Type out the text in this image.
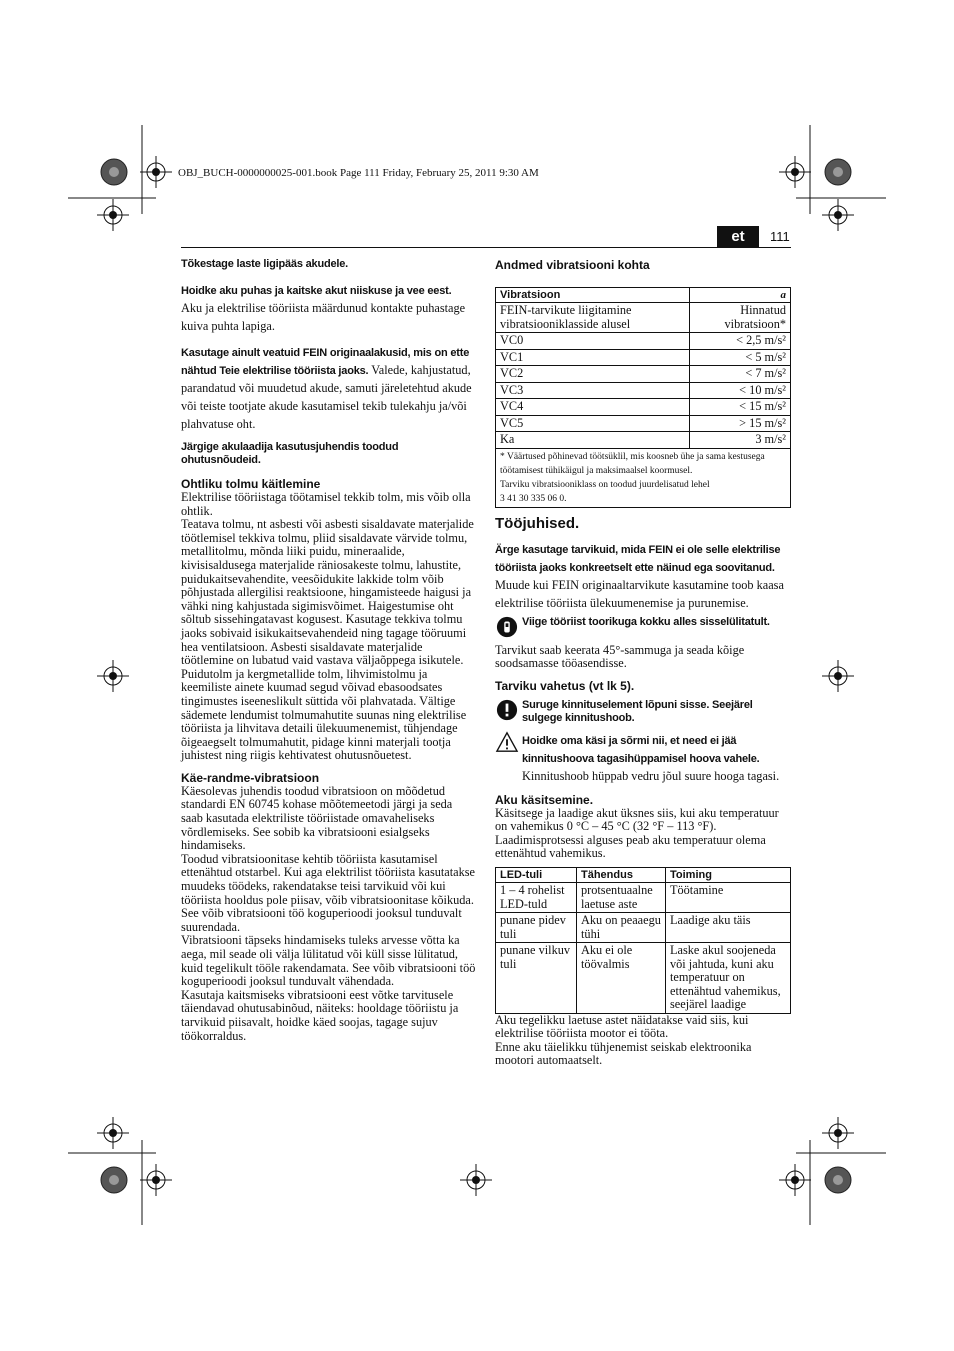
OBJ_BUCH-0000000025-001.book Page 111 Friday, February 25, 2011 9:30 AM
et	111

Tõkestage laste ligipääs akudele.

Hoidke aku puhas ja kaitske akut niiskuse ja vee eest.
Aku ja elektrilise tööriista määrdunud kontakte puhastage kuiva puhta lapiga.

Kasutage ainult veatuid FEIN originaalakusid, mis on ette nähtud Teie elektrilise tööriista jaoks. Valede, kahjustatud, parandatud või muudetud akude, samuti järeletehtud akude või teiste tootjate akude kasutamisel tekib tulekahju ja/või plahvatuse oht.

Järgige akulaadija kasutusjuhendis toodud ohutusnõudeid.

Ohtliku tolmu käitlemine

Elektrilise tööriistaga töötamisel tekkib tolm, mis võib olla ohtlik.

Teatava tolmu, nt asbesti või asbesti sisaldavate materjalide töötlemisel tekkiva tolmu, pliid sisaldavate värvide tolmu, metallitolmu, mõnda liiki puidu, mineraalide, kivisisaldusega materjalide räniosakeste tolmu, lahustite, puidukaitsevahendite, veesõidukite lakkide tolm võib põhjustada allergilisi reaktsioone, hingamisteede haigusi ja vähki ning kahjustada sigimisvõimet. Haigestumise oht sõltub sissehingatavast kogusest. Kasutage tekkiva tolmu jaoks sobivaid isikukaitsevahendeid ning tagage tööruumi hea ventilatsioon. Asbesti sisaldavate materjalide töötlemine on lubatud vaid vastava väljaõppega isikutele.

Puidutolm ja kergmetallide tolm, lihvimistolmu ja keemiliste ainete kuumad segud võivad ebasoodsates tingimustes iseeneslikult süttida või plahvatada. Vältige sädemete lendumist tolmumahutite suunas ning elektrilise tööriista ja lihvitava detaili ülekuumenemist, tühjendage õigeaegselt tolmumahutit, pidage kinni materjali tootja juhistest ning riigis kehtivatest ohutusnõuetest.

Käe-randme-vibratsioon

Käesolevas juhendis toodud vibratsioon on mõõdetud standardi EN 60745 kohase mõõtemeetodi järgi ja seda saab kasutada elektriliste tööriistade omavaheliseks võrdlemiseks. See sobib ka vibratsiooni esialgseks hindamiseks.

Toodud vibratsioonitase kehtib tööriista kasutamisel ettenähtud otstarbel. Kui aga elektrilist tööriista kasutatakse muudeks töödeks, rakendatakse teisi tarvikuid või kui tööriista hooldus pole piisav, võib vibratsioonitase kõikuda. See võib vibratsiooni töö koguperioodi jooksul tunduvalt suurendada.

Vibratsiooni täpseks hindamiseks tuleks arvesse võtta ka aega, mil seade oli välja lülitatud või küll sisse lülitatud, kuid tegelikult tööle rakendamata. See võib vibratsiooni töö koguperioodi jooksul tunduvalt vähendada.

Kasutaja kaitsmiseks vibratsiooni eest võtke tarvitusele täiendavad ohutusabinõud, näiteks: hooldage tööriistu ja tarvikuid piisavalt, hoidke käed soojas, tagage sujuv töökorraldus.

Andmed vibratsiooni kohta

Vibratsioon	a
FEIN-tarvikute liigitamine vibratsiooniklasside alusel	Hinnatud vibratsioon*
VC0	< 2,5 m/s²
VC1	< 5 m/s²
VC2	< 7 m/s²
VC3	< 10 m/s²
VC4	< 15 m/s²
VC5	> 15 m/s²
Ka	3 m/s²
* Väärtused põhinevad töötsüklil, mis koosneb ühe ja sama kestusega töötamisest tühikäigul ja maksimaalsel koormusel.
Tarviku vibratsiooniklass on toodud juurdelisatud lehel
3 41 30 335 06 0.	

Tööjuhised.

Ärge kasutage tarvikuid, mida FEIN ei ole selle elektrilise tööriista jaoks konkreetselt ette näinud ega soovitanud.
Muude kui FEIN originaaltarvikute kasutamine toob kaasa elektrilise tööriista ülekuumenemise ja purunemise.

Viige tööriist toorikuga kokku alles sisselülitatult.

Tarvikut saab keerata 45°-sammuga ja seada kõige soodsamasse tööasendisse.

Tarviku vahetus (vt lk 5).

Suruge kinnituselement lõpuni sisse. Seejärel sulgege kinnitushoob.
Hoidke oma käsi ja sõrmi nii, et need ei jää kinnitushoova tagasihüppamisel hoova vahele.
Kinnitushoob hüppab vedru jõul suure hooga tagasi.

Aku käsitsemine.

Käsitsege ja laadige akut üksnes siis, kui aku temperatuur on vahemikus 0 °C – 45 °C (32 °F – 113 °F).

Laadimisprotsessi alguses peab aku temperatuur olema ettenähtud vahemikus.

LED-tuli	Tähendus	Toiming
1 – 4 rohelist LED-tuld	protsentuaalne laetuse aste	Töötamine
punane pidev tuli	Aku on peaaegu tühi	Laadige aku täis
punane vilkuv tuli	Aku ei ole töövalmis	Laske akul soojeneda või jahtuda, kuni aku temperatuur on ettenähtud vahemikus, seejärel laadige

Aku tegelikku laetuse astet näidatakse vaid siis, kui elektrilise tööriista mootor ei tööta.

Enne aku täielikku tühjenemist seiskab elektroonika mootori automaatselt.
